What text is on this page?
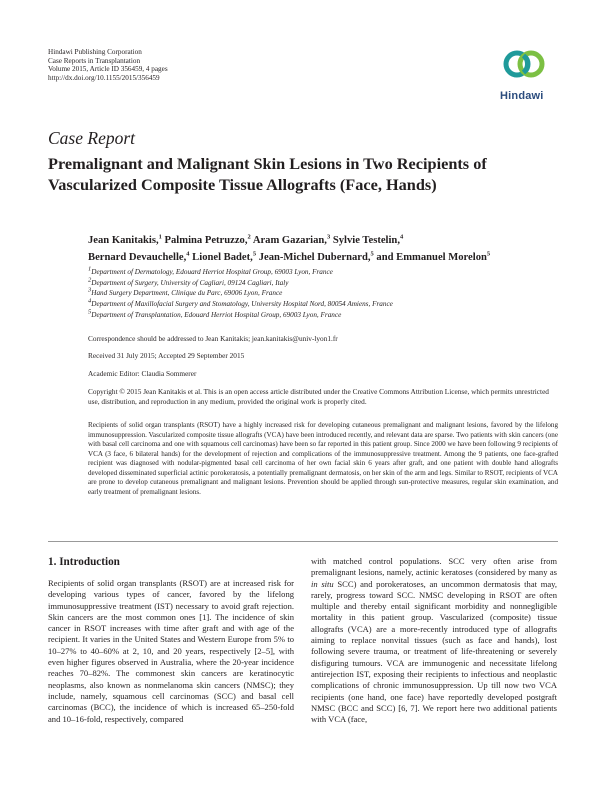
Hindawi Publishing Corporation
Case Reports in Transplantation
Volume 2015, Article ID 356459, 4 pages
http://dx.doi.org/10.1155/2015/356459
Hindawi
Case Report
Premalignant and Malignant Skin Lesions in Two Recipients of
Vascularized Composite Tissue Allografts (Face, Hands)
Jean Kanitakis,$^1$ Palmina Petruzzo,$^2$ Aram Gazarian,$^3$ Sylvie Testelin,$^4$
Bernard Devauchelle,$^4$ Lionel Badet,$^5$ Jean-Michel Dubernard,$^5$ and Emmanuel Morelon$^5$
$^1$Department of Dermatology, Edouard Herriot Hospital Group, 69003 Lyon, France
$^2$Department of Surgery, University of Cagliari, 09124 Cagliari, Italy
$^3$Hand Surgery Department, Clinique du Parc, 69006 Lyon, France
$^4$Department of Maxillofacial Surgery and Stomatology, University Hospital Nord, 80054 Amiens, France
$^5$Department of Transplantation, Edouard Herriot Hospital Group, 69003 Lyon, France
Correspondence should be addressed to Jean Kanitakis; jean.kanitakis@univ-lyon1.fr
Received 31 July 2015; Accepted 29 September 2015
Academic Editor: Claudia Sommerer
Copyright © 2015 Jean Kanitakis et al. This is an open access article distributed under the Creative Commons Attribution License, which permits unrestricted use, distribution, and reproduction in any medium, provided the original work is properly cited.
Recipients of solid organ transplants (RSOT) have a highly increased risk for developing cutaneous premalignant and malignant lesions, favored by the lifelong immunosuppression. Vascularized composite tissue allografts (VCA) have been introduced recently, and relevant data are sparse. Two patients with skin cancers (one with basal cell carcinoma and one with squamous cell carcinomas) have been so far reported in this patient group. Since 2000 we have been following 9 recipients of VCA (3 face, 6 bilateral hands) for the development of rejection and complications of the immunosuppressive treatment. Among the 9 patients, one face-grafted recipient was diagnosed with nodular-pigmented basal cell carcinoma of her own facial skin 6 years after graft, and one patient with double hand allografts developed disseminated superficial actinic porokeratosis, a potentially premalignant dermatosis, on her skin of the arm and legs. Similar to RSOT, recipients of VCA are prone to develop cutaneous premalignant and malignant lesions. Prevention should be applied through sun-protective measures, regular skin examination, and early treatment of premalignant lesions.
1. Introduction
Recipients of solid organ transplants (RSOT) are at increased risk for developing various types of cancer, favored by the lifelong immunosuppressive treatment (IST) necessary to avoid graft rejection. Skin cancers are the most common ones [1]. The incidence of skin cancer in RSOT increases with time after graft and with age of the recipient. It varies in the United States and Western Europe from 5% to 10–27% to 40–60% at 2, 10, and 20 years, respectively [2–5], with even higher figures observed in Australia, where the 20-year incidence reaches 70–82%. The commonest skin cancers are keratinocytic neoplasms, also known as nonmelanoma skin cancers (NMSC); they include, namely, squamous cell carcinomas (SCC) and basal cell carcinomas (BCC), the incidence of which is increased 65–250-fold and 10–16-fold, respectively, compared
with matched control populations. SCC very often arise from premalignant lesions, namely, actinic keratoses (considered by many as in situ SCC) and porokeratoses, an uncommon dermatosis that may, rarely, progress toward SCC. NMSC developing in RSOT are often multiple and thereby entail significant morbidity and nonnegligible mortality in this patient group. Vascularized (composite) tissue allografts (VCA) are a more-recently introduced type of allografts aiming to replace nonvital tissues (such as face and hands), lost following severe trauma, or treatment of life-threatening or severely disfiguring tumours. VCA are immunogenic and necessitate lifelong antirejection IST, exposing their recipients to infectious and neoplastic complications of chronic immunosuppression. Up till now two VCA recipients (one hand, one face) have reportedly developed postgraft NMSC (BCC and SCC) [6, 7]. We report here two additional patients with VCA (face,
